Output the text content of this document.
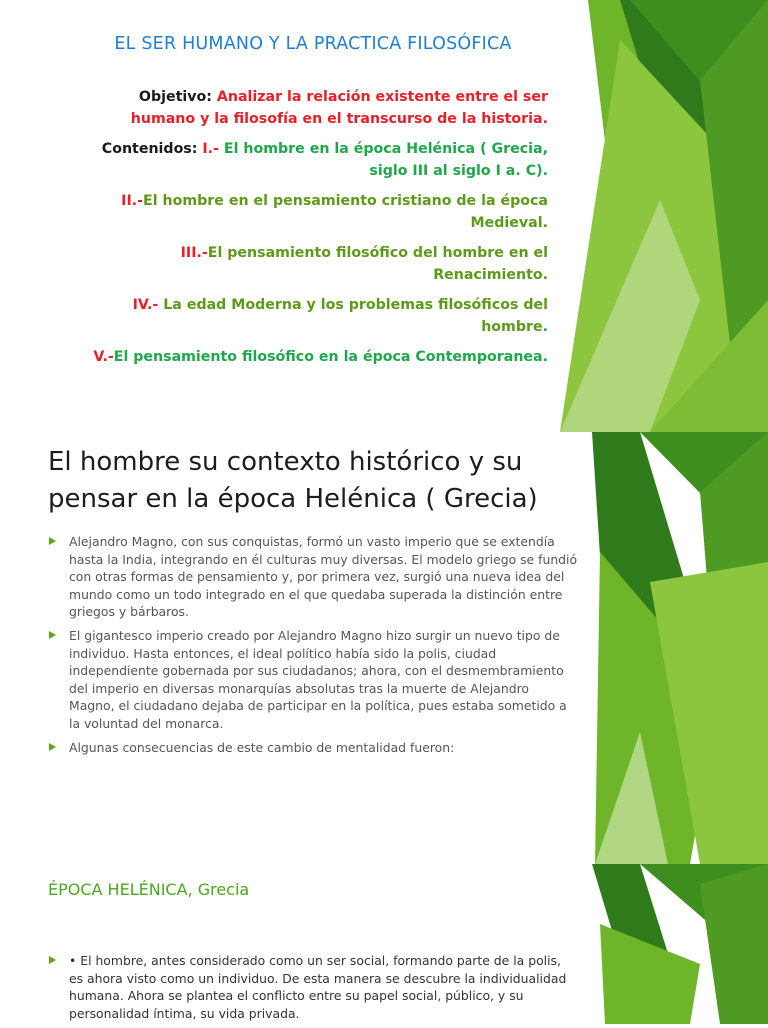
EL SER HUMANO Y LA PRACTICA FILOSÓFICA

Objetivo: Analizar la relación existente entre el ser humano y la filosofía en el transcurso de la historia.

Contenidos: I.- El hombre en la época Helénica ( Grecia, siglo III al siglo I a. C).

II.-El hombre en el pensamiento cristiano de la época Medieval.

III.-El pensamiento filosófico del hombre en el Renacimiento.

IV.- La edad Moderna y los problemas filosóficos del hombre.

V.-El pensamiento filosófico en la época Contemporanea.

El hombre su contexto histórico y su pensar en la época Helénica ( Grecia)
Alejandro Magno, con sus conquistas, formó un vasto imperio que se extendía hasta la India, integrando en él culturas muy diversas. El modelo griego se fundió con otras formas de pensamiento y, por primera vez, surgió una nueva idea del mundo como un todo integrado en el que quedaba superada la distinción entre griegos y bárbaros.
El gigantesco imperio creado por Alejandro Magno hizo surgir un nuevo tipo de individuo. Hasta entonces, el ideal político había sido la polis, ciudad independiente gobernada por sus ciudadanos; ahora, con el desmembramiento del imperio en diversas monarquías absolutas tras la muerte de Alejandro Magno, el ciudadano dejaba de participar en la política, pues estaba sometido a la voluntad del monarca.
Algunas consecuencias de este cambio de mentalidad fueron:
ÉPOCA HELÉNICA, Grecia
• El hombre, antes considerado como un ser social, formando parte de la polis, es ahora visto como un individuo. De esta manera se descubre la individualidad humana. Ahora se plantea el conflicto entre su papel social, público, y su personalidad íntima, su vida privada.
